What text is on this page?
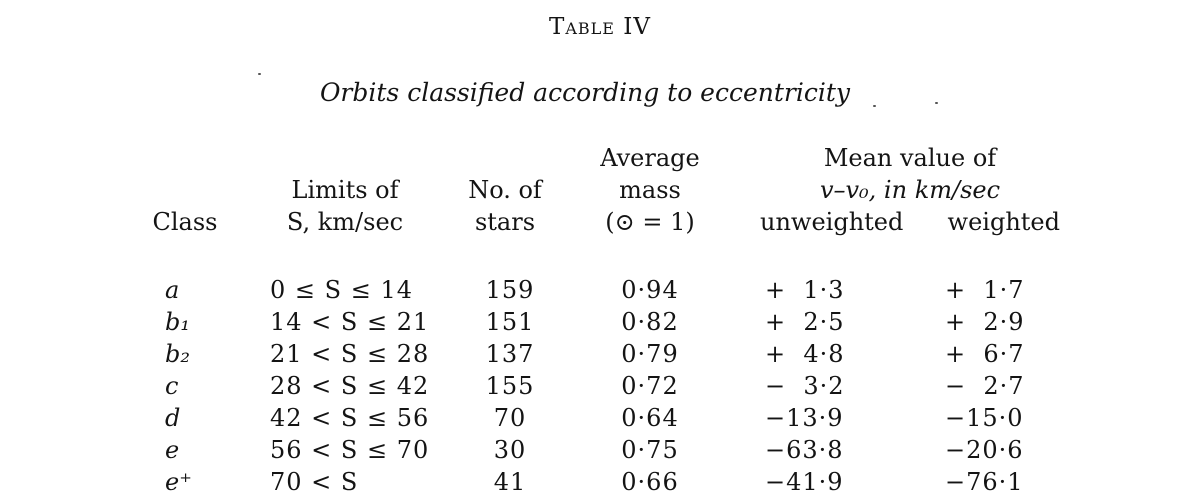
Table IV
Orbits classified according to eccentricity
Class
Limits of
S, km/sec
No. of
stars
Average
mass
(⊙ = 1)
Mean value of
v–v₀, in km/sec
unweighted weighted
a	0 ≤ S ≤ 14	159	0·94	+  1·3	+  1·7
b₁	14 < S ≤ 21	151	0·82	+  2·5	+  2·9
b₂	21 < S ≤ 28	137	0·79	+  4·8	+  6·7
c	28 < S ≤ 42	155	0·72	−  3·2	−  2·7
d	42 < S ≤ 56	70	0·64	−13·9	−15·0
e	56 < S ≤ 70	30	0·75	−63·8	−20·6
e⁺	70 < S	41	0·66	−41·9	−76·1
